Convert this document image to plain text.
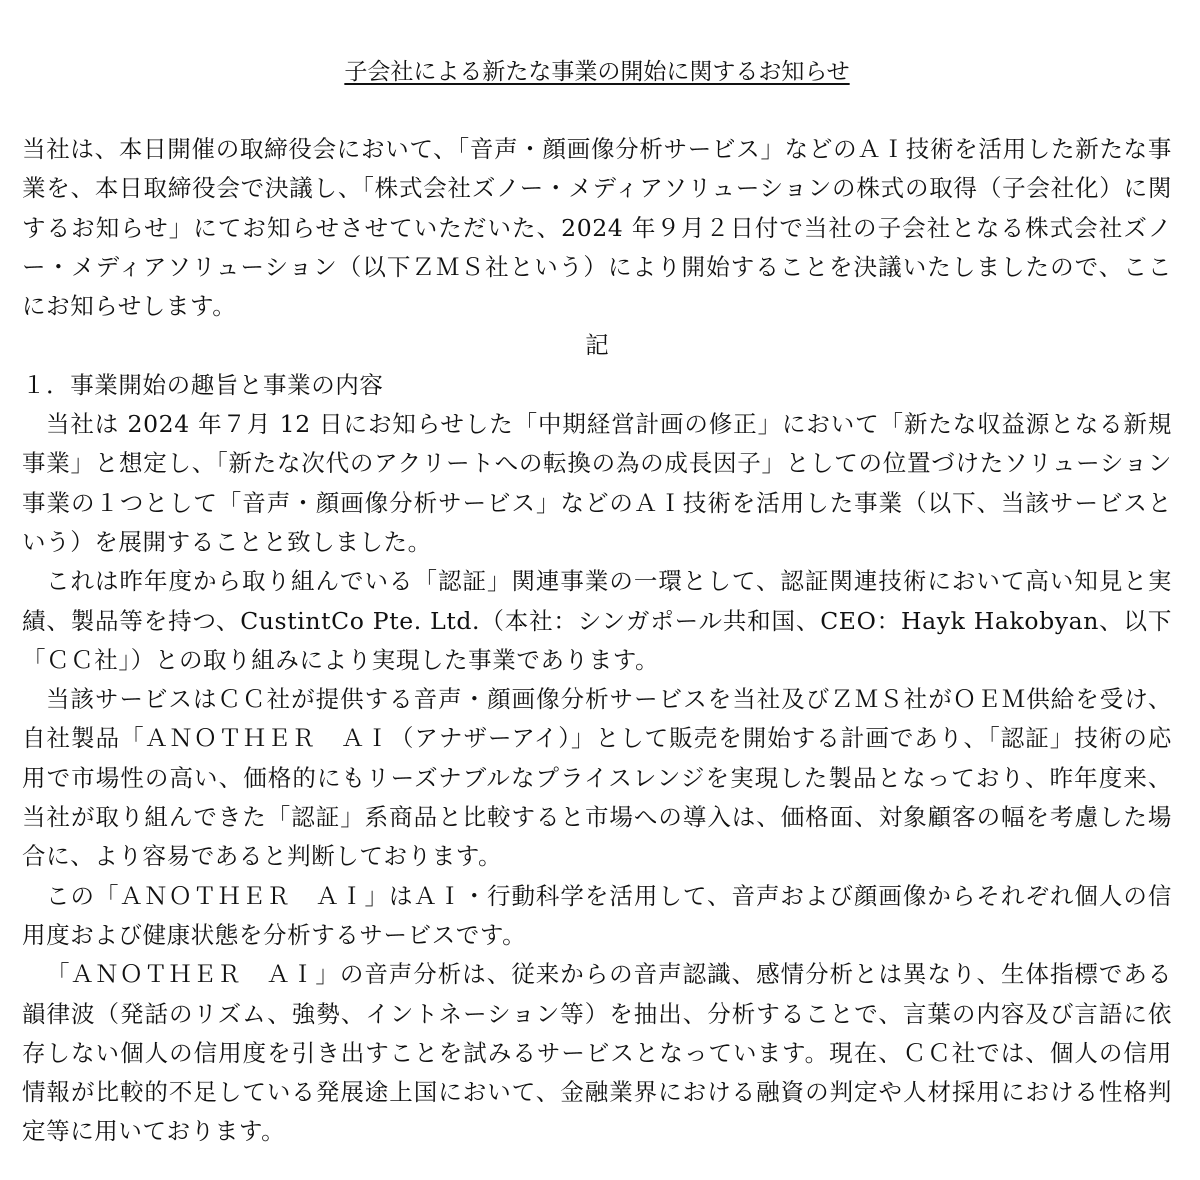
子会社による新たな事業の開始に関するお知らせ

当社は、本日開催の取締役会において、「音声・顔画像分析サービス」などのＡＩ技術を活用した新たな事業を、本日取締役会で決議し、「株式会社ズノー・メディアソリューションの株式の取得（子会社化）に関するお知らせ」にてお知らせさせていただいた、2024 年９月２日付で当社の子会社となる株式会社ズノー・メディアソリューション（以下ＺＭＳ社という）により開始することを決議いたしましたので、ここにお知らせします。

記

１．事業開始の趣旨と事業の内容

当社は 2024 年７月 12 日にお知らせした「中期経営計画の修正」において「新たな収益源となる新規事業」と想定し、「新たな次代のアクリートへの転換の為の成長因子」としての位置づけたソリューション事業の１つとして「音声・顔画像分析サービス」などのＡＩ技術を活用した事業（以下、当該サービスという）を展開することと致しました。

これは昨年度から取り組んでいる「認証」関連事業の一環として、認証関連技術において高い知見と実績、製品等を持つ、CustintCo Pte. Ltd.（本社：シンガポール共和国、CEO：Hayk Hakobyan、以下「ＣＣ社」）との取り組みにより実現した事業であります。

当該サービスはＣＣ社が提供する音声・顔画像分析サービスを当社及びＺＭＳ社がＯＥＭ供給を受け、自社製品「ＡＮＯＴＨＥＲ　ＡＩ（アナザーアイ）」として販売を開始する計画であり、「認証」技術の応用で市場性の高い、価格的にもリーズナブルなプライスレンジを実現した製品となっており、昨年度来、当社が取り組んできた「認証」系商品と比較すると市場への導入は、価格面、対象顧客の幅を考慮した場合に、より容易であると判断しております。

この「ＡＮＯＴＨＥＲ　ＡＩ」はＡＩ・行動科学を活用して、音声および顔画像からそれぞれ個人の信用度および健康状態を分析するサービスです。

「ＡＮＯＴＨＥＲ　ＡＩ」の音声分析は、従来からの音声認識、感情分析とは異なり、生体指標である韻律波（発話のリズム、強勢、イントネーション等）を抽出、分析することで、言葉の内容及び言語に依存しない個人の信用度を引き出すことを試みるサービスとなっています。現在、ＣＣ社では、個人の信用情報が比較的不足している発展途上国において、金融業界における融資の判定や人材採用における性格判定等に用いております。
